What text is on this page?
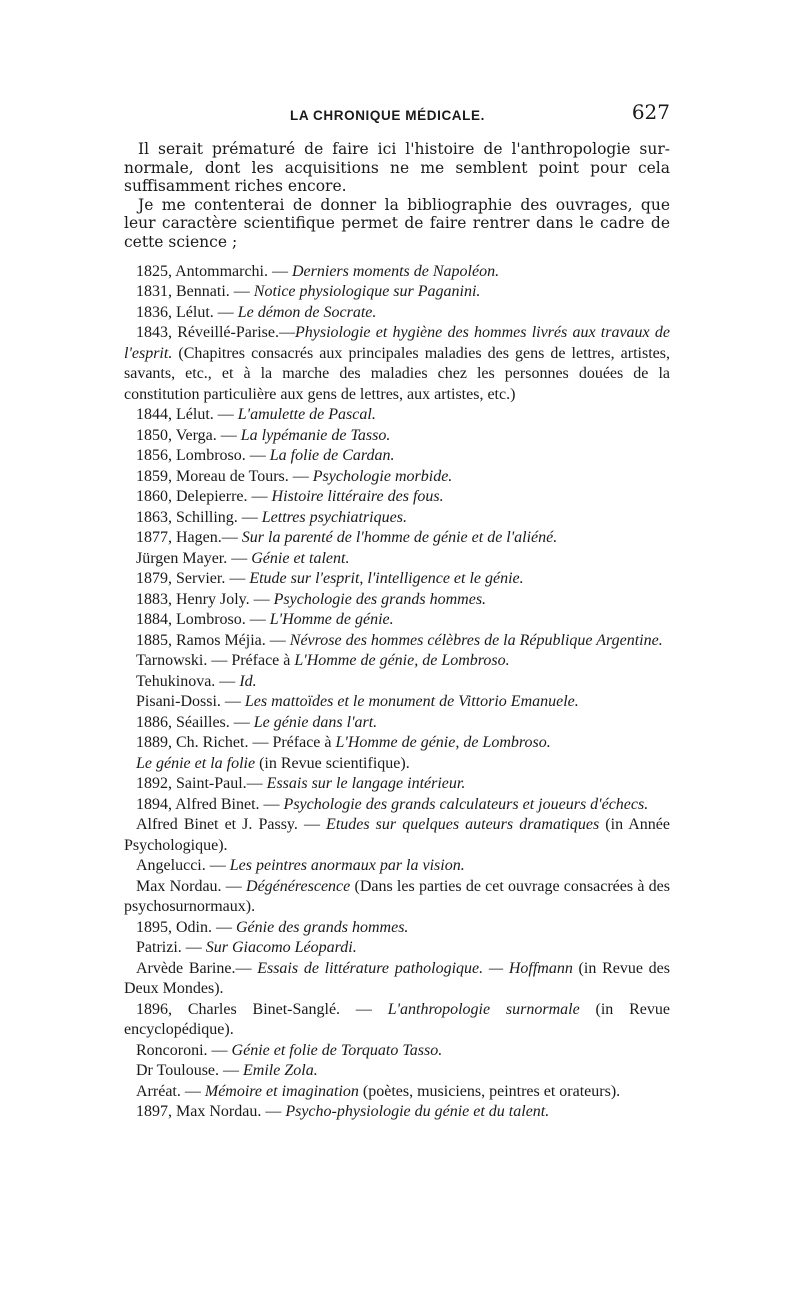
LA CHRONIQUE MÉDICALE.	627

Il serait prématuré de faire ici l'histoire de l'anthropologie sur-normale, dont les acquisitions ne me semblent point pour cela suffisamment riches encore.

Je me contenterai de donner la bibliographie des ouvrages, que leur caractère scientifique permet de faire rentrer dans le cadre de cette science ;

1825, Antommarchi. — Derniers moments de Napoléon.

1831, Bennati. — Notice physiologique sur Paganini.

1836, Lélut. — Le démon de Socrate.

1843, Réveillé-Parise.—Physiologie et hygiène des hommes livrés aux travaux de l'esprit. (Chapitres consacrés aux principales maladies des gens de lettres, artistes, savants, etc., et à la marche des maladies chez les personnes douées de la constitution particulière aux gens de lettres, aux artistes, etc.)

1844, Lélut. — L'amulette de Pascal.

1850, Verga. — La lypémanie de Tasso.

1856, Lombroso. — La folie de Cardan.

1859, Moreau de Tours. — Psychologie morbide.

1860, Delepierre. — Histoire littéraire des fous.

1863, Schilling. — Lettres psychiatriques.

1877, Hagen.— Sur la parenté de l'homme de génie et de l'aliéné.

Jürgen Mayer. — Génie et talent.

1879, Servier. — Etude sur l'esprit, l'intelligence et le génie.

1883, Henry Joly. — Psychologie des grands hommes.

1884, Lombroso. — L'Homme de génie.

1885, Ramos Méjia. — Névrose des hommes célèbres de la République Argentine.

Tarnowski. — Préface à L'Homme de génie, de Lombroso.

Tehukinova. — Id.

Pisani-Dossi. — Les mattoïdes et le monument de Vittorio Emanuele.

1886, Séailles. — Le génie dans l'art.

1889, Ch. Richet. — Préface à L'Homme de génie, de Lombroso.

Le génie et la folie (in Revue scientifique).

1892, Saint-Paul.— Essais sur le langage intérieur.

1894, Alfred Binet. — Psychologie des grands calculateurs et joueurs d'échecs.

Alfred Binet et J. Passy. — Etudes sur quelques auteurs dramatiques (in Année Psychologique).

Angelucci. — Les peintres anormaux par la vision.

Max Nordau. — Dégénérescence (Dans les parties de cet ouvrage consacrées à des psychosurnormaux).

1895, Odin. — Génie des grands hommes.

Patrizi. — Sur Giacomo Léopardi.

Arvède Barine.— Essais de littérature pathologique. — Hoffmann (in Revue des Deux Mondes).

1896, Charles Binet-Sanglé. — L'anthropologie surnormale (in Revue encyclopédique).

Roncoroni. — Génie et folie de Torquato Tasso.

Dr Toulouse. — Emile Zola.

Arréat. — Mémoire et imagination (poètes, musiciens, peintres et orateurs).

1897, Max Nordau. — Psycho-physiologie du génie et du talent.
